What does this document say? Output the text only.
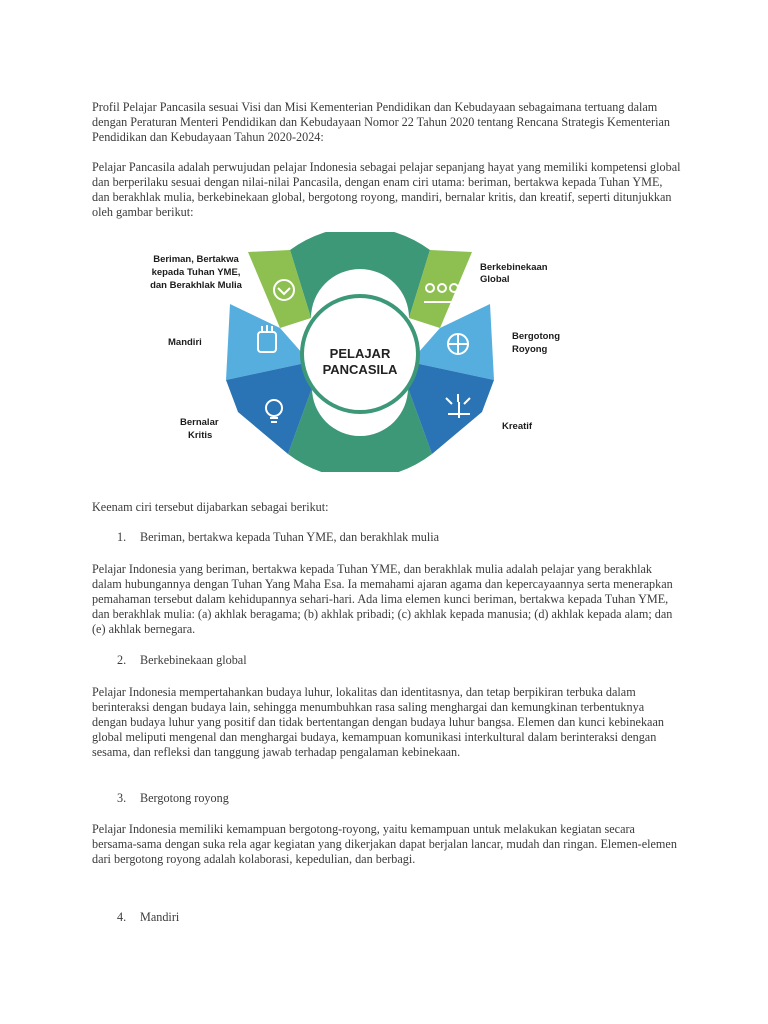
Profil Pelajar Pancasila sesuai Visi dan Misi Kementerian Pendidikan dan Kebudayaan sebagaimana tertuang dalam dengan Peraturan Menteri Pendidikan dan Kebudayaan Nomor 22 Tahun 2020 tentang Rencana Strategis Kementerian Pendidikan dan Kebudayaan Tahun 2020-2024:

Pelajar Pancasila adalah perwujudan pelajar Indonesia sebagai pelajar sepanjang hayat yang memiliki kompetensi global dan berperilaku sesuai dengan nilai-nilai Pancasila, dengan enam ciri utama: beriman, bertakwa kepada Tuhan YME, dan berakhlak mulia, berkebinekaan global, bergotong royong, mandiri, bernalar kritis, dan kreatif, seperti ditunjukkan oleh gambar berikut:

PELAJAR
PANCASILA
Beriman, Bertakwa
kepada Tuhan YME,
dan Berakhlak Mulia
Berkebinekaan
Global
Mandiri
Bergotong
Royong
Bernalar
Kritis
Kreatif

Keenam ciri tersebut dijabarkan sebagai berikut:

1. Beriman, bertakwa kepada Tuhan YME, dan berakhlak mulia

Pelajar Indonesia yang beriman, bertakwa kepada Tuhan YME, dan berakhlak mulia adalah pelajar yang berakhlak dalam hubungannya dengan Tuhan Yang Maha Esa. Ia memahami ajaran agama dan kepercayaannya serta menerapkan pemahaman tersebut dalam kehidupannya sehari-hari. Ada lima elemen kunci beriman, bertakwa kepada Tuhan YME, dan berakhlak mulia: (a) akhlak beragama; (b) akhlak pribadi; (c) akhlak kepada manusia; (d) akhlak kepada alam; dan (e) akhlak bernegara.

2. Berkebinekaan global

Pelajar Indonesia mempertahankan budaya luhur, lokalitas dan identitasnya, dan tetap berpikiran terbuka dalam berinteraksi dengan budaya lain, sehingga menumbuhkan rasa saling menghargai dan kemungkinan terbentuknya dengan budaya luhur yang positif dan tidak bertentangan dengan budaya luhur bangsa. Elemen dan kunci kebinekaan global meliputi mengenal dan menghargai budaya, kemampuan komunikasi interkultural dalam berinteraksi dengan sesama, dan refleksi dan tanggung jawab terhadap pengalaman kebinekaan.

3. Bergotong royong

Pelajar Indonesia memiliki kemampuan bergotong-royong, yaitu kemampuan untuk melakukan kegiatan secara bersama-sama dengan suka rela agar kegiatan yang dikerjakan dapat berjalan lancar, mudah dan ringan. Elemen-elemen dari bergotong royong adalah kolaborasi, kepedulian, dan berbagi.

4. Mandiri
